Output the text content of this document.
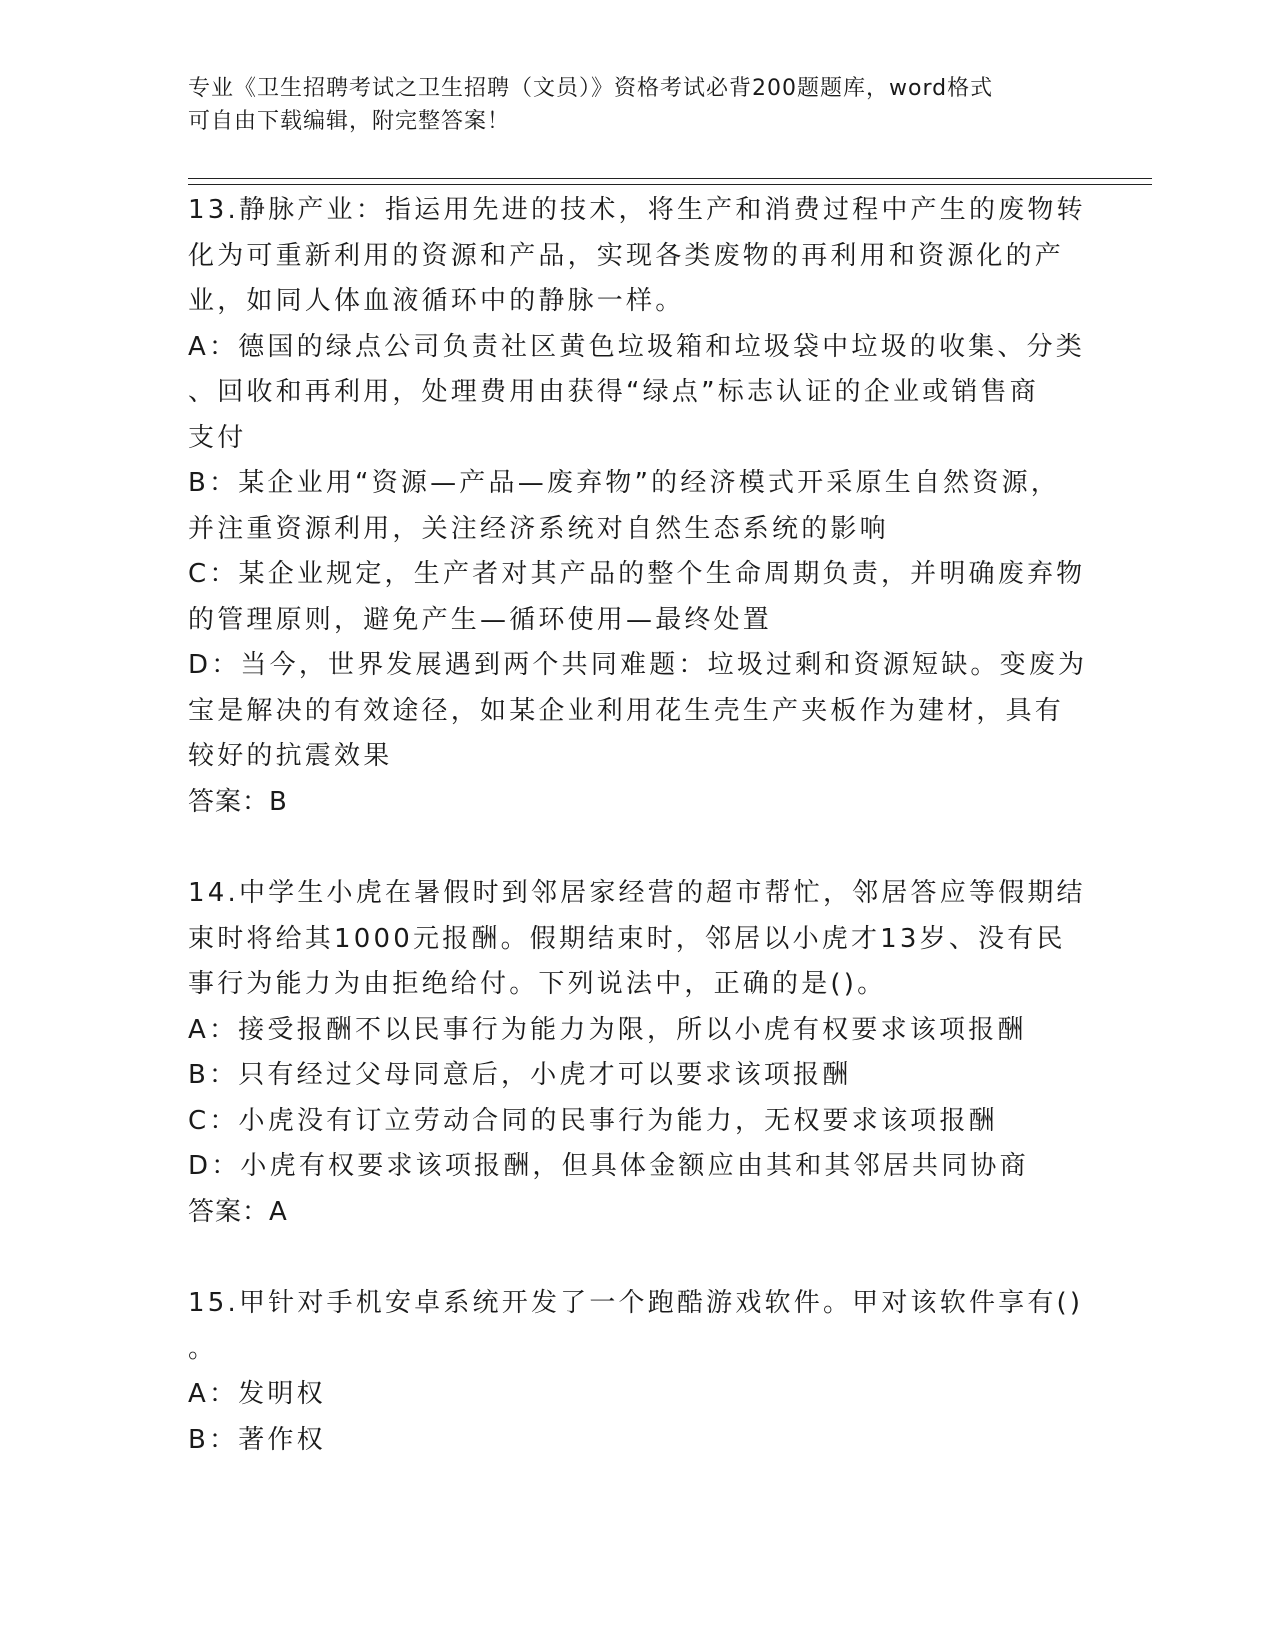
专业《卫生招聘考试之卫生招聘（文员）》资格考试必背200题题库，word格式
可自由下载编辑，附完整答案！

13.静脉产业：指运用先进的技术，将生产和消费过程中产生的废物转

化为可重新利用的资源和产品，实现各类废物的再利用和资源化的产

业，如同人体血液循环中的静脉一样。

A：德国的绿点公司负责社区黄色垃圾箱和垃圾袋中垃圾的收集、分类

、回收和再利用，处理费用由获得“绿点”标志认证的企业或销售商

支付

B：某企业用“资源—产品—废弃物”的经济模式开采原生自然资源，

并注重资源利用，关注经济系统对自然生态系统的影响

C：某企业规定，生产者对其产品的整个生命周期负责，并明确废弃物

的管理原则，避免产生—循环使用—最终处置

D：当今，世界发展遇到两个共同难题：垃圾过剩和资源短缺。变废为

宝是解决的有效途径，如某企业利用花生壳生产夹板作为建材，具有

较好的抗震效果

答案：B

14.中学生小虎在暑假时到邻居家经营的超市帮忙，邻居答应等假期结

束时将给其1000元报酬。假期结束时，邻居以小虎才13岁、没有民

事行为能力为由拒绝给付。下列说法中，正确的是()。

A：接受报酬不以民事行为能力为限，所以小虎有权要求该项报酬

B：只有经过父母同意后，小虎才可以要求该项报酬

C：小虎没有订立劳动合同的民事行为能力，无权要求该项报酬

D：小虎有权要求该项报酬，但具体金额应由其和其邻居共同协商

答案：A

15.甲针对手机安卓系统开发了一个跑酷游戏软件。甲对该软件享有()

。

A：发明权

B：著作权
